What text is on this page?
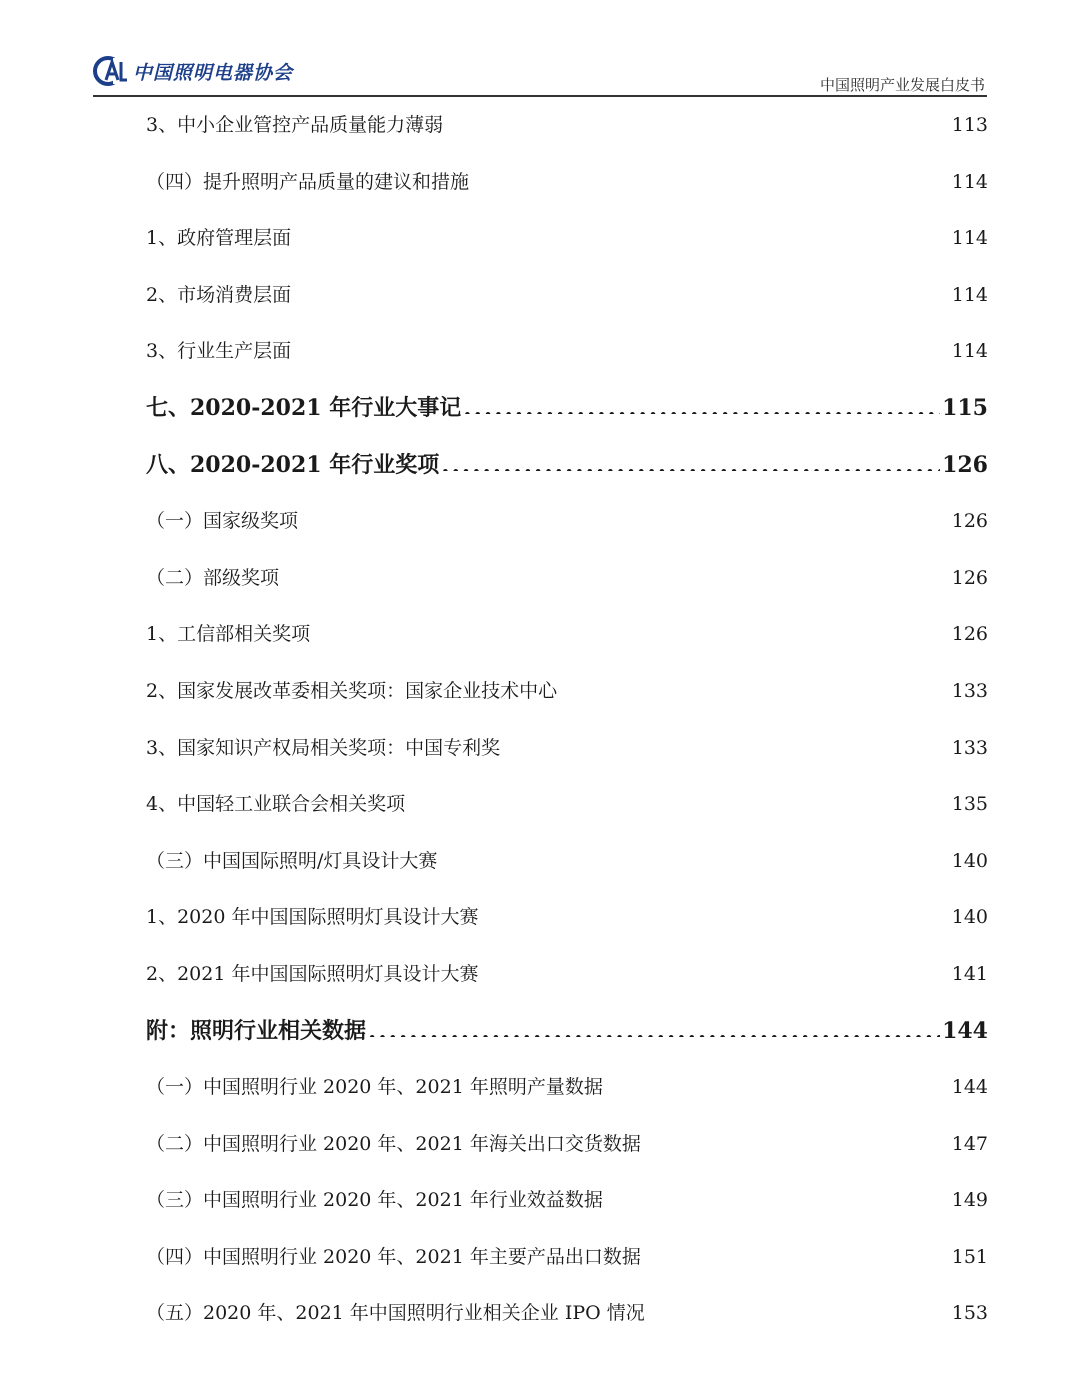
中国照明电器协会
中国照明产业发展白皮书
3、中小企业管控产品质量能力薄弱 ·····	113
（四）提升照明产品质量的建议和措施 ·····	114
1、政府管理层面 ·····	114
2、市场消费层面 ·····	114
3、行业生产层面 ·····	114
七、2020-2021 年行业大事记 •••••	115
八、2020-2021 年行业奖项 •••••	126
（一）国家级奖项 ·····	126
（二）部级奖项 ·····	126
1、工信部相关奖项 ·····	126
2、国家发展改革委相关奖项：国家企业技术中心 ·····	133
3、国家知识产权局相关奖项：中国专利奖 ·····	133
4、中国轻工业联合会相关奖项 ·····	135
（三）中国国际照明/灯具设计大赛 ·····	140
1、2020 年中国国际照明灯具设计大赛 ·····	140
2、2021 年中国国际照明灯具设计大赛 ·····	141
附：照明行业相关数据 •••••	144
（一）中国照明行业 2020 年、2021 年照明产量数据 ·····	144
（二）中国照明行业 2020 年、2021 年海关出口交货数据 ·····	147
（三）中国照明行业 2020 年、2021 年行业效益数据 ·····	149
（四）中国照明行业 2020 年、2021 年主要产品出口数据 ·····	151
（五）2020 年、2021 年中国照明行业相关企业 IPO 情况 ·····	153
